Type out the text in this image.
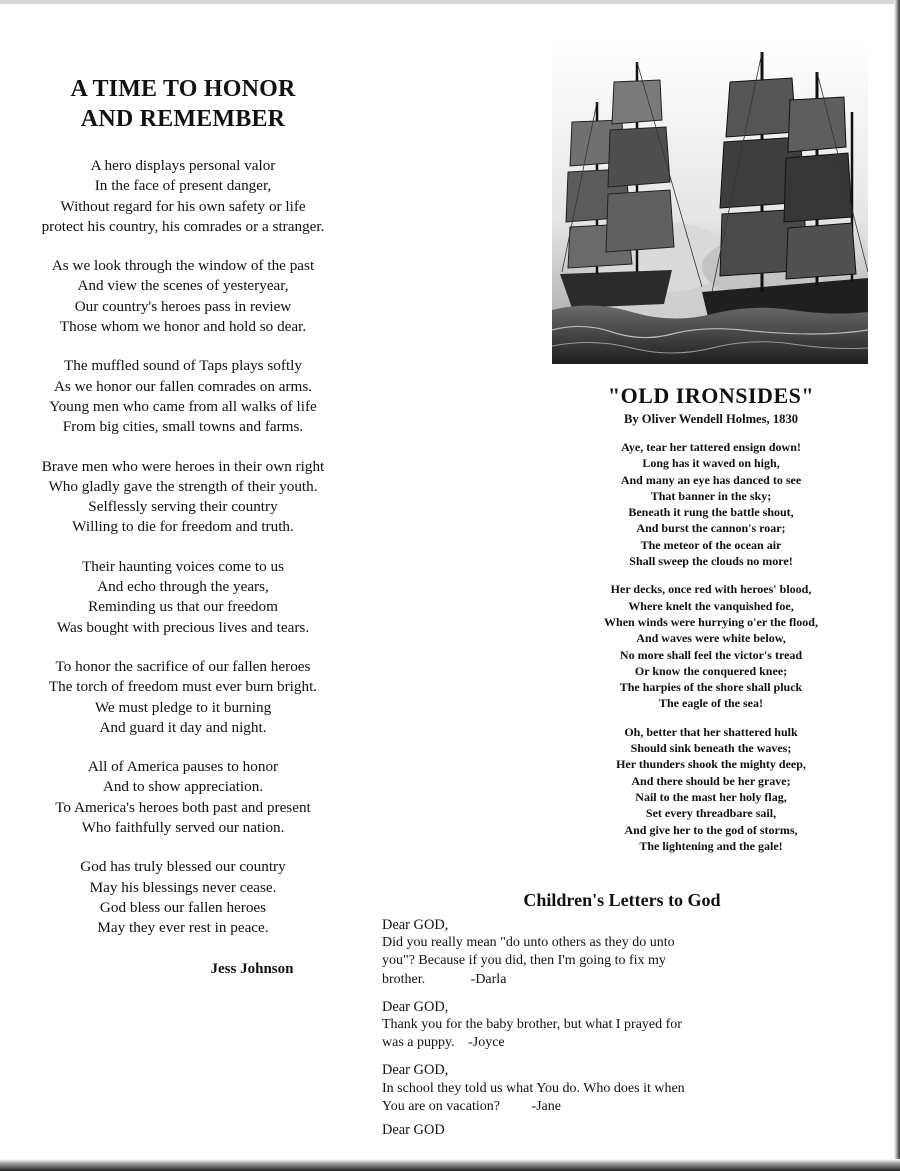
A TIME TO HONOR
AND REMEMBER
A hero displays personal valor
In the face of present danger,
Without regard for his own safety or life
protect his country, his comrades or a stranger.
As we look through the window of the past
And view the scenes of yesteryear,
Our country's heroes pass in review
Those whom we honor and hold so dear.
The muffled sound of Taps plays softly
As we honor our fallen comrades on arms.
Young men who came from all walks of life
From big cities, small towns and farms.
Brave men who were heroes in their own right
Who gladly gave the strength of their youth.
Selflessly serving their country
Willing to die for freedom and truth.
Their haunting voices come to us
And echo through the years,
Reminding us that our freedom
Was bought with precious lives and tears.
To honor the sacrifice of our fallen heroes
The torch of freedom must ever burn bright.
We must pledge to it burning
And guard it day and night.
All of America pauses to honor
And to show appreciation.
To America's heroes both past and present
Who faithfully served our nation.
God has truly blessed our country
May his blessings never cease.
God bless our fallen heroes
May they ever rest in peace.
Jess Johnson
"OLD IRONSIDES"
By Oliver Wendell Holmes, 1830
Aye, tear her tattered ensign down!
Long has it waved on high,
And many an eye has danced to see
That banner in the sky;
Beneath it rung the battle shout,
And burst the cannon's roar;
The meteor of the ocean air
Shall sweep the clouds no more!
Her decks, once red with heroes' blood,
Where knelt the vanquished foe,
When winds were hurrying o'er the flood,
And waves were white below,
No more shall feel the victor's tread
Or know the conquered knee;
The harpies of the shore shall pluck
The eagle of the sea!
Oh, better that her shattered hulk
Should sink beneath the waves;
Her thunders shook the mighty deep,
And there should be her grave;
Nail to the mast her holy flag,
Set every threadbare sail,
And give her to the god of storms,
The lightening and the gale!
Children's Letters to God
Dear GOD,
Did you really mean "do unto others as they do unto
you"? Because if you did, then I'm going to fix my
brother.	-Darla
Dear GOD,
Thank you for the baby brother, but what I prayed for
was a puppy. -Joyce
Dear GOD,
In school they told us what You do. Who does it when
You are on vacation? -Jane
Dear GOD
